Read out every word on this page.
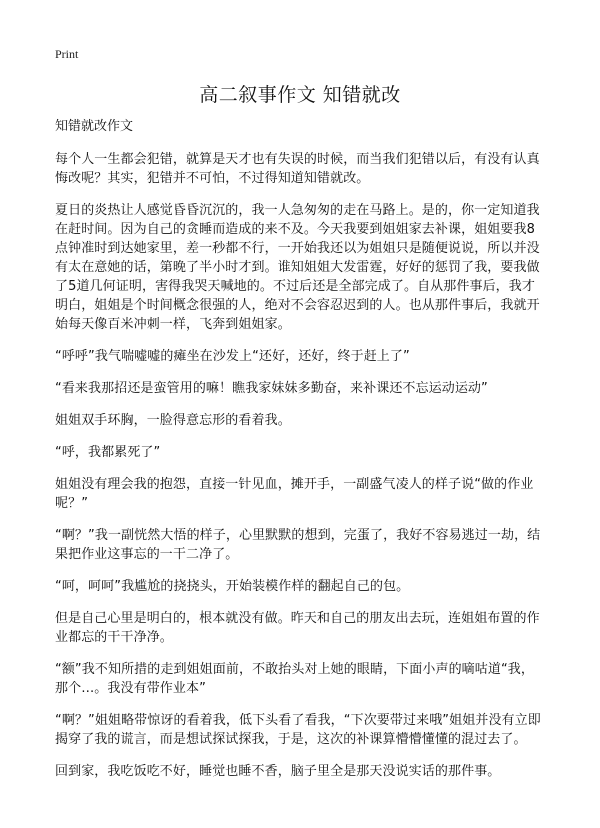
Print
高二叙事作文 知错就改
知错就改作文

每个人一生都会犯错，就算是天才也有失误的时候，而当我们犯错以后，有没有认真悔改呢？其实，犯错并不可怕，不过得知道知错就改。

夏日的炎热让人感觉昏昏沉沉的，我一人急匆匆的走在马路上。是的，你一定知道我在赶时间。因为自己的贪睡而造成的来不及。今天我要到姐姐家去补课，姐姐要我8点钟准时到达她家里，差一秒都不行，一开始我还以为姐姐只是随便说说，所以并没有太在意她的话，第晚了半小时才到。谁知姐姐大发雷霆，好好的惩罚了我，要我做了5道几何证明，害得我哭天喊地的。不过后还是全部完成了。自从那件事后，我才明白，姐姐是个时间概念很强的人，绝对不会容忍迟到的人。也从那件事后，我就开始每天像百米冲刺一样，飞奔到姐姐家。

“呼呼”我气喘嘘嘘的瘫坐在沙发上“还好，还好，终于赶上了”

“看来我那招还是蛮管用的嘛！瞧我家妹妹多勤奋，来补课还不忘运动运动”

姐姐双手环胸，一脸得意忘形的看着我。

“呼，我都累死了”

姐姐没有理会我的抱怨，直接一针见血，摊开手，一副盛气凌人的样子说“做的作业呢？”

“啊？”我一副恍然大悟的样子，心里默默的想到，完蛋了，我好不容易逃过一劫，结果把作业这事忘的一干二净了。

“呵，呵呵”我尴尬的挠挠头，开始装模作样的翻起自己的包。

但是自己心里是明白的，根本就没有做。昨天和自己的朋友出去玩，连姐姐布置的作业都忘的干干净净。

“额”我不知所措的走到姐姐面前，不敢抬头对上她的眼睛，下面小声的嘀咕道“我，那个…。我没有带作业本”

“啊？”姐姐略带惊讶的看着我，低下头看了看我，“下次要带过来哦”姐姐并没有立即揭穿了我的谎言，而是想试探试探我，于是，这次的补课算懵懵懂懂的混过去了。

回到家，我吃饭吃不好，睡觉也睡不香，脑子里全是那天没说实话的那件事。
